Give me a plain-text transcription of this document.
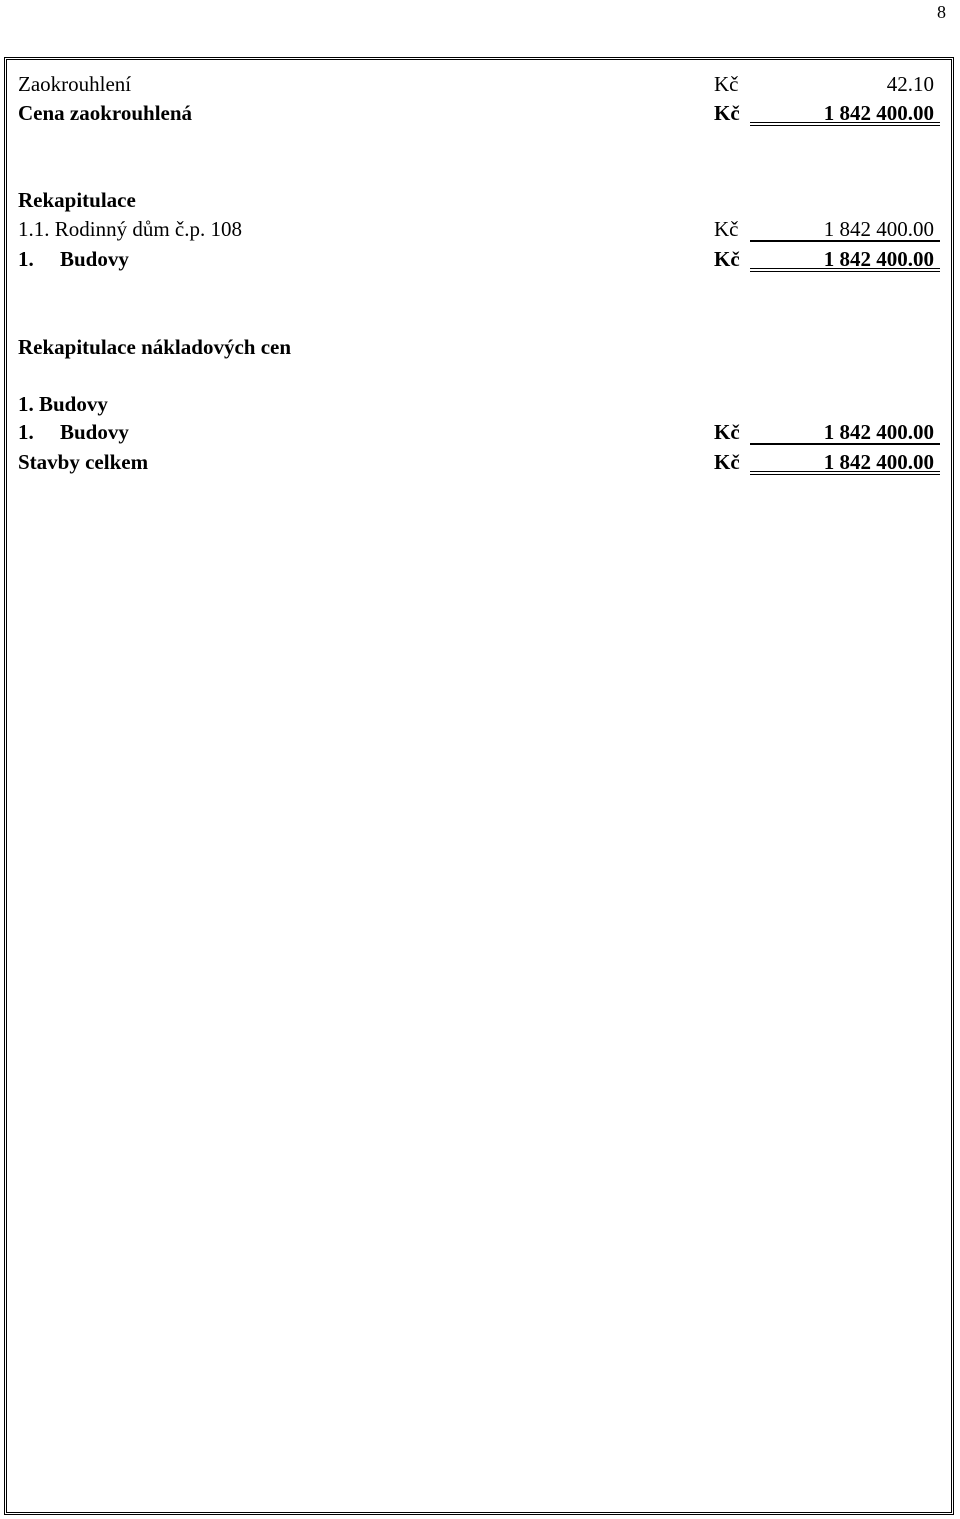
8
Zaokrouhlení	Kč	42.10
Cena zaokrouhlená	Kč	1 842 400.00
Rekapitulace
1.1. Rodinný dům č.p. 108	Kč	1 842 400.00
1. Budovy	Kč	1 842 400.00
Rekapitulace nákladových cen
1. Budovy
1. Budovy	Kč	1 842 400.00
Stavby celkem	Kč	1 842 400.00
